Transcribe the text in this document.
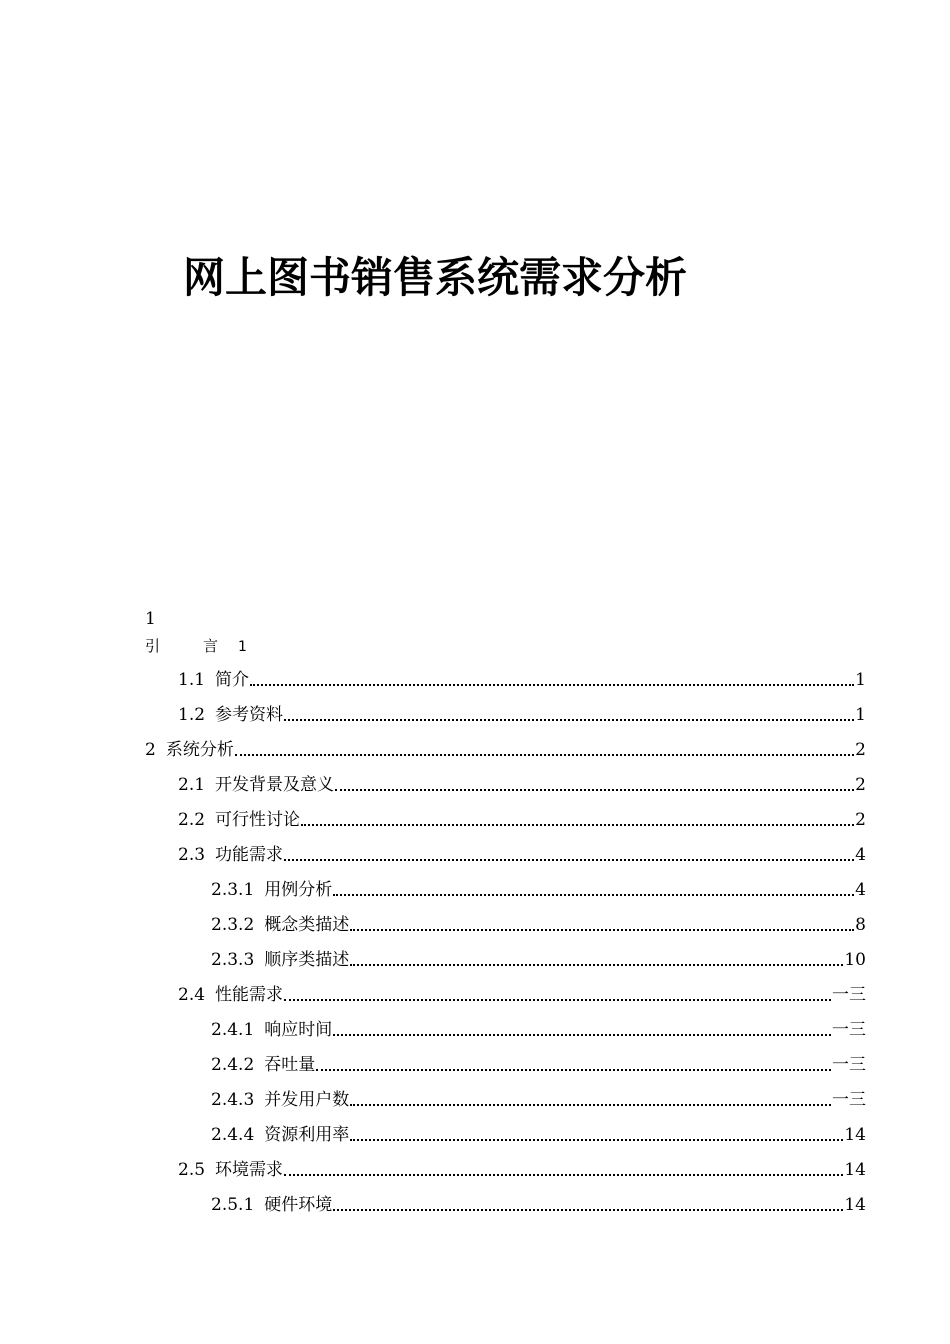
网上图书销售系统需求分析
1
引　言 1
1.1 简介	1
1.2 参考资料	1
2 系统分析	2
2.1 开发背景及意义	2
2.2 可行性讨论	2
2.3 功能需求	4
2.3.1 用例分析	4
2.3.2 概念类描述	8
2.3.3 顺序类描述	10
2.4 性能需求	一三
2.4.1 响应时间	一三
2.4.2 吞吐量	一三
2.4.3 并发用户数	一三
2.4.4 资源利用率	14
2.5 环境需求	14
2.5.1 硬件环境	14
